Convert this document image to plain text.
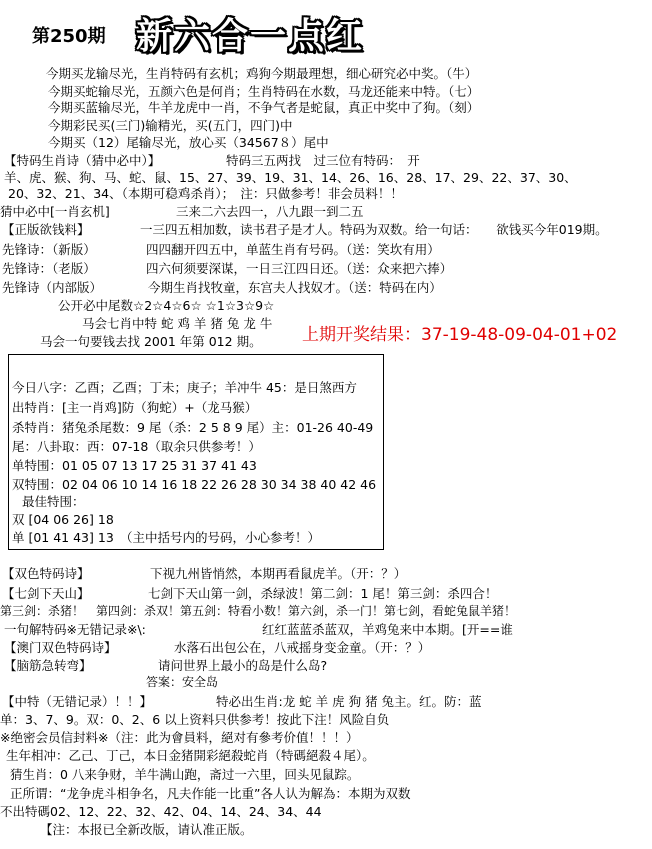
第250期 新六合一点红
今期买龙输尽光，生肖特码有玄机；鸡狗今期最理想，细心研究必中奖。（牛）
今期买蛇输尽光，五颜六色是何肖；生肖特码在水数，马龙还能来中特。（七）
今期买蓝输尽光，牛羊龙虎中一肖，不争气者是蛇鼠，真正中奖中了狗。（刻）
今期彩民买(三门)输精光，买(五门，四门)中
今期买（12）尾输尽光，放心买（34567８）尾中
【特码生肖诗（猜中必中）】	特码三五两找　过三位有特码：　开
羊、虎、猴、狗、马、蛇、鼠、15、27、39、19、31、14、26、16、28、17、29、22、37、30、
20、32、21、34、（本期可稳鸡杀肖）；　注：只做参考！非会员料！！
猜中必中[一肖玄机]	三来二六去四一，八九跟一到二五
【正版欲钱料】	一三四五相加数，读书君子是才人。特码为双数。给一句话：　　欲钱买今年019期。
先锋诗：（新版）	四四翻开四五中，单蓝生肖有号码。（送：笑坎有用）
先锋诗：（老版）	四六何须要深谋，一日三江四日还。（送：众来把六捧）
先锋诗（内部版）	今期生肖找牧童，东宫夫人找奴才。（送：特码在内）
公开必中尾数☆2☆4☆6☆ ☆1☆3☆9☆
马会七肖中特 蛇 鸡 羊 猪 兔 龙 牛
马会一句要钱去找 2001 年第 012 期。 上期开奖结果：37-19-48-09-04-01+02
今日八字：乙酉；乙酉；丁未；庚子；羊冲牛 45：是日煞西方
出特肖：[主一肖鸡]防（狗蛇）+（龙马猴）
杀特肖：猪兔杀尾数：9 尾（杀：2 5 8 9 尾）主：01-26 40-49
尾：八卦取：西：07-18（取余只供参考！）
单特围：01 05 07 13 17 25 31 37 41 43
双特围：02 04 06 10 14 16 18 22 26 28 30 34 38 40 42 46
最佳特围：
双 [04 06 26] 18
单 [01 41 43] 13　（主中括号内的号码，小心参考！）
【双色特码诗】	下视九州皆悄然，本期再看鼠虎羊。（开：？）
【七剑下天山】	七剑下天山第一剑，杀绿波！第二剑：1 尾！第三剑：杀四合！
第三剑：杀猪！　第四剑：杀双！第五剑：特看小数！第六剑，杀一门！第七剑，看蛇兔鼠羊猪！
一句解特码※无错记录※\:	红红蓝蓝杀蓝双，羊鸡兔来中本期。[开==谁
【澳门双色特码诗】	水落石出包公在，八戒摇身变金童。（开：？）
【脑筋急转弯】	请问世界上最小的岛是什么岛?
答案：安全岛
【中特（无错记录）！！】	特必出生肖:龙 蛇 羊 虎 狗 猪 兔主。红。防：蓝
单：3、7、9。双：0、2、6 以上资料只供参考！按此下注！风险自负
※绝密会员信封料※（注：此为會員料，絕对有參考价值！！！）
生年相冲：乙己、丁己，本日金猪開彩絕殺蛇肖（特碼絕殺４尾）。
猜生肖：0 八来争财，羊牛满山跑，斋过一六里，回头见鼠踪。
正所谓：“龙争虎斗相争名，凡夫作能一比重”各人认为解為：本期为双数
不出特碼02、12、22、32、42、04、14、24、34、44
【注：本报已全新改版，请认准正版。
